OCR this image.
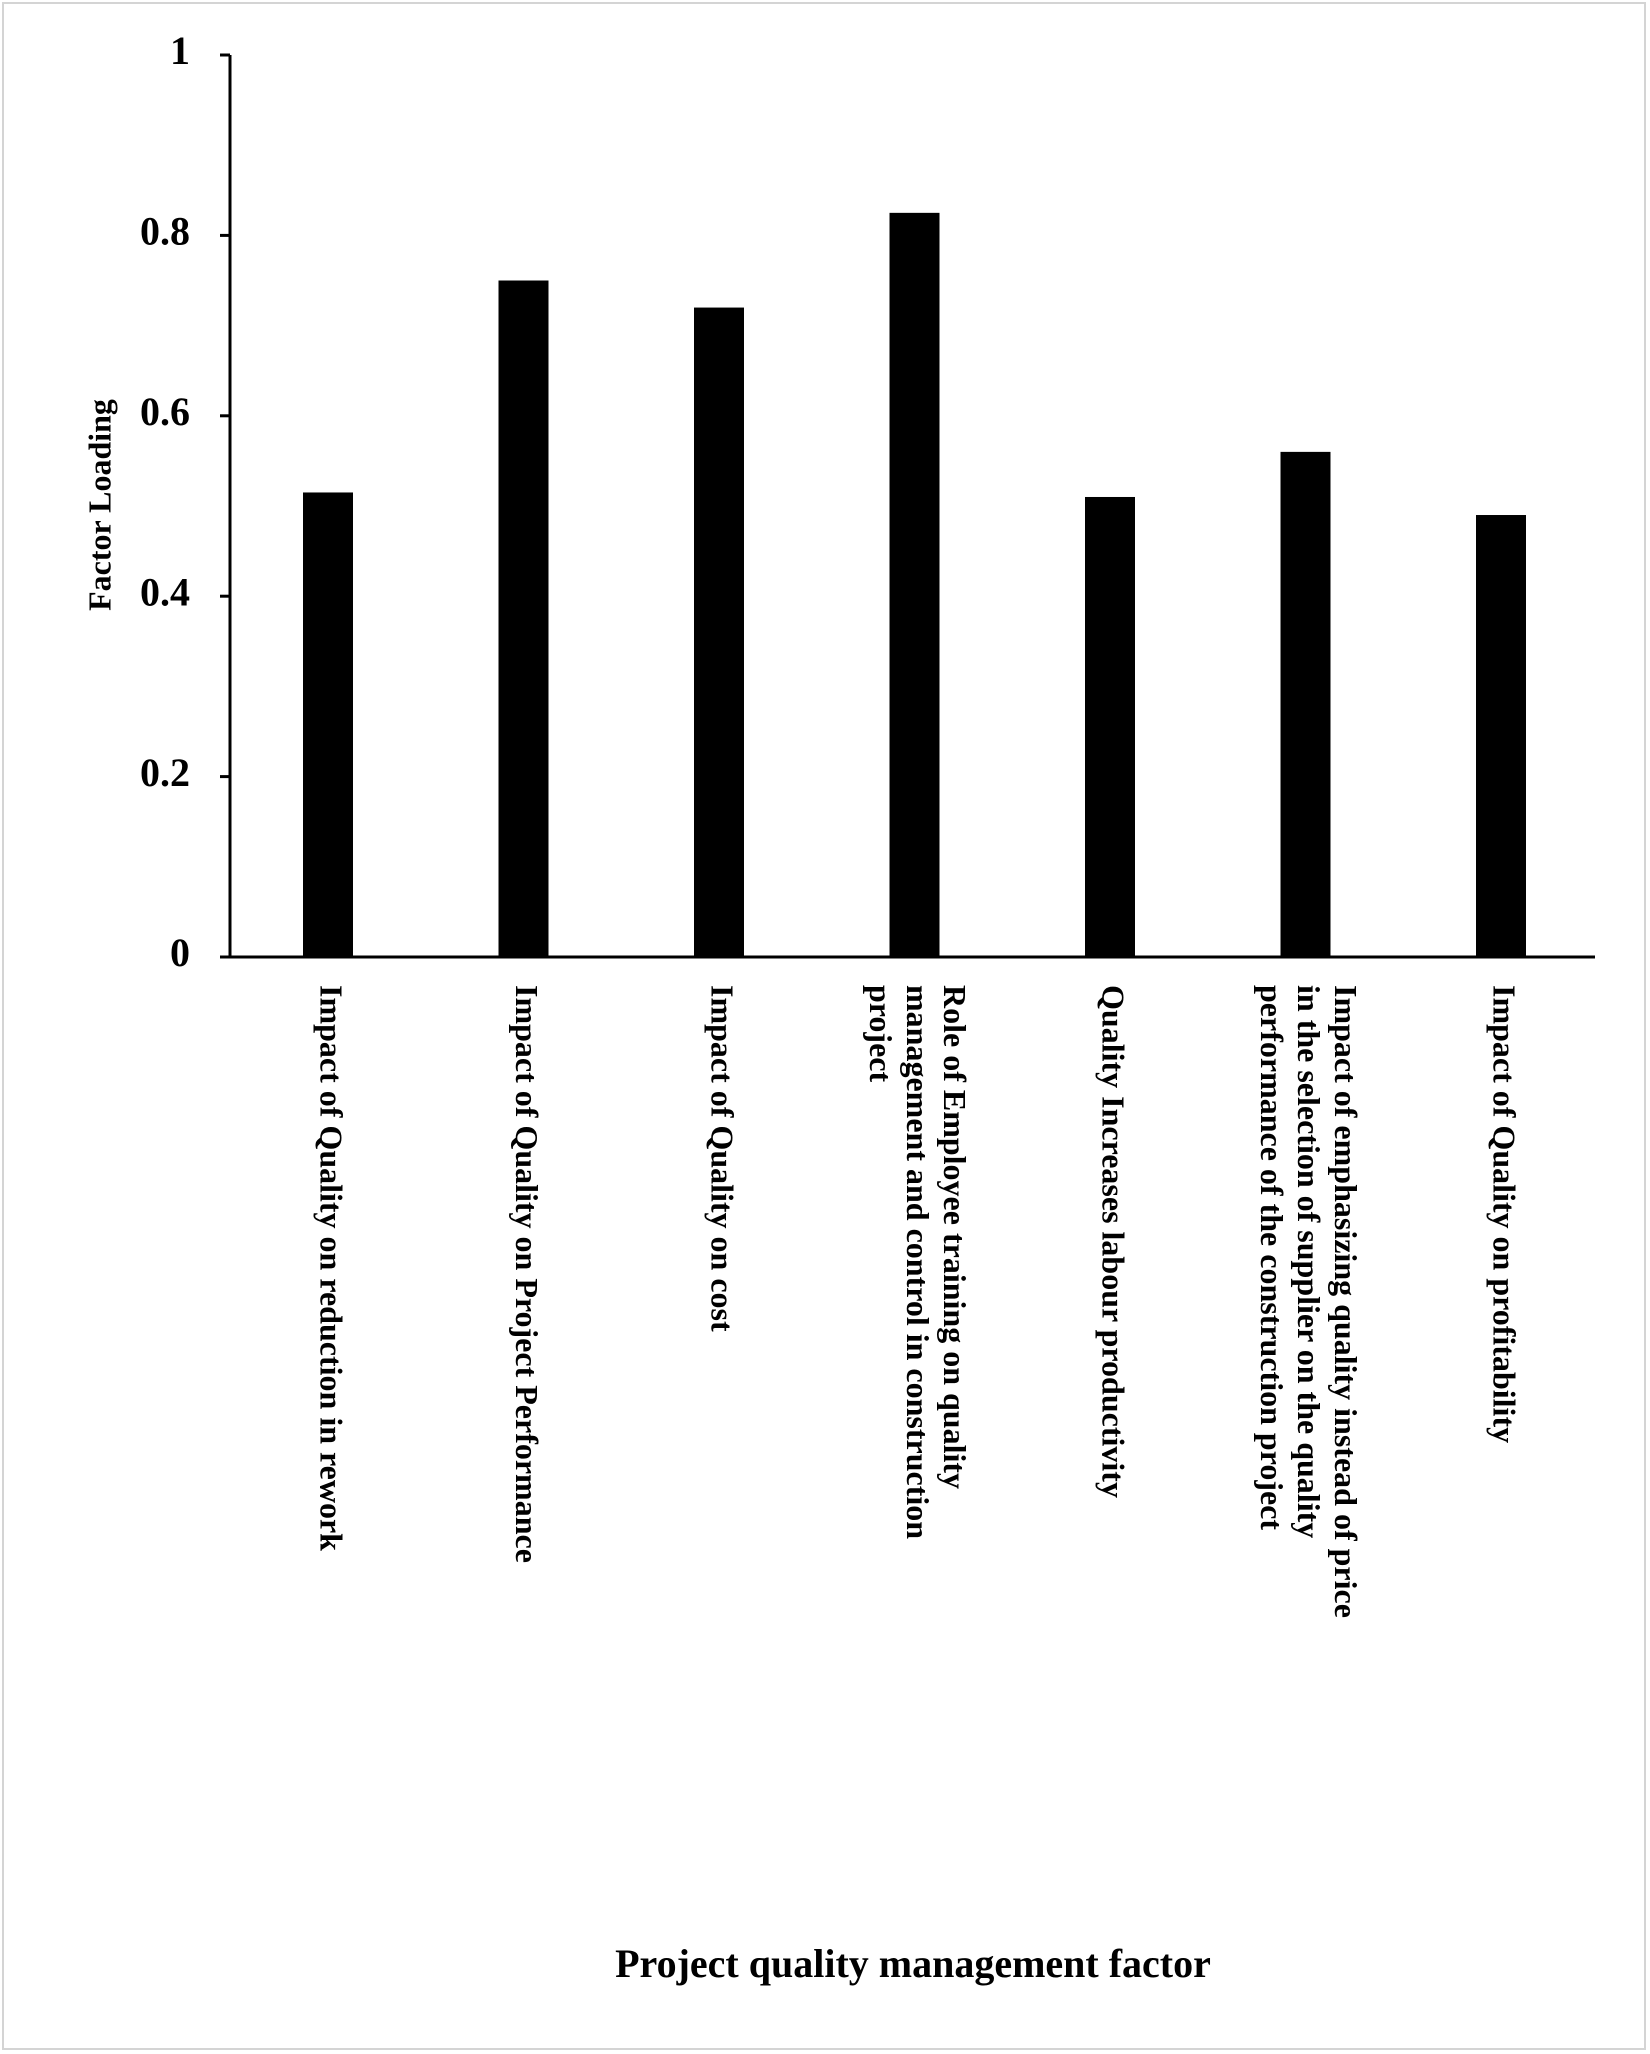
0
0.2
0.4
0.6
0.8
1
Impact of Quality on reduction in rework	Impact of Quality on Project Performance	Impact of Quality on cost	Role of Employee training on quality
management and control in construction
project	Quality Increases labour productivity	Impact of emphasizing quality instead of price
in the selection of supplier on the quality
performance of the construction project	Impact of Quality on profitability
Factor Loading
Project quality management factor
